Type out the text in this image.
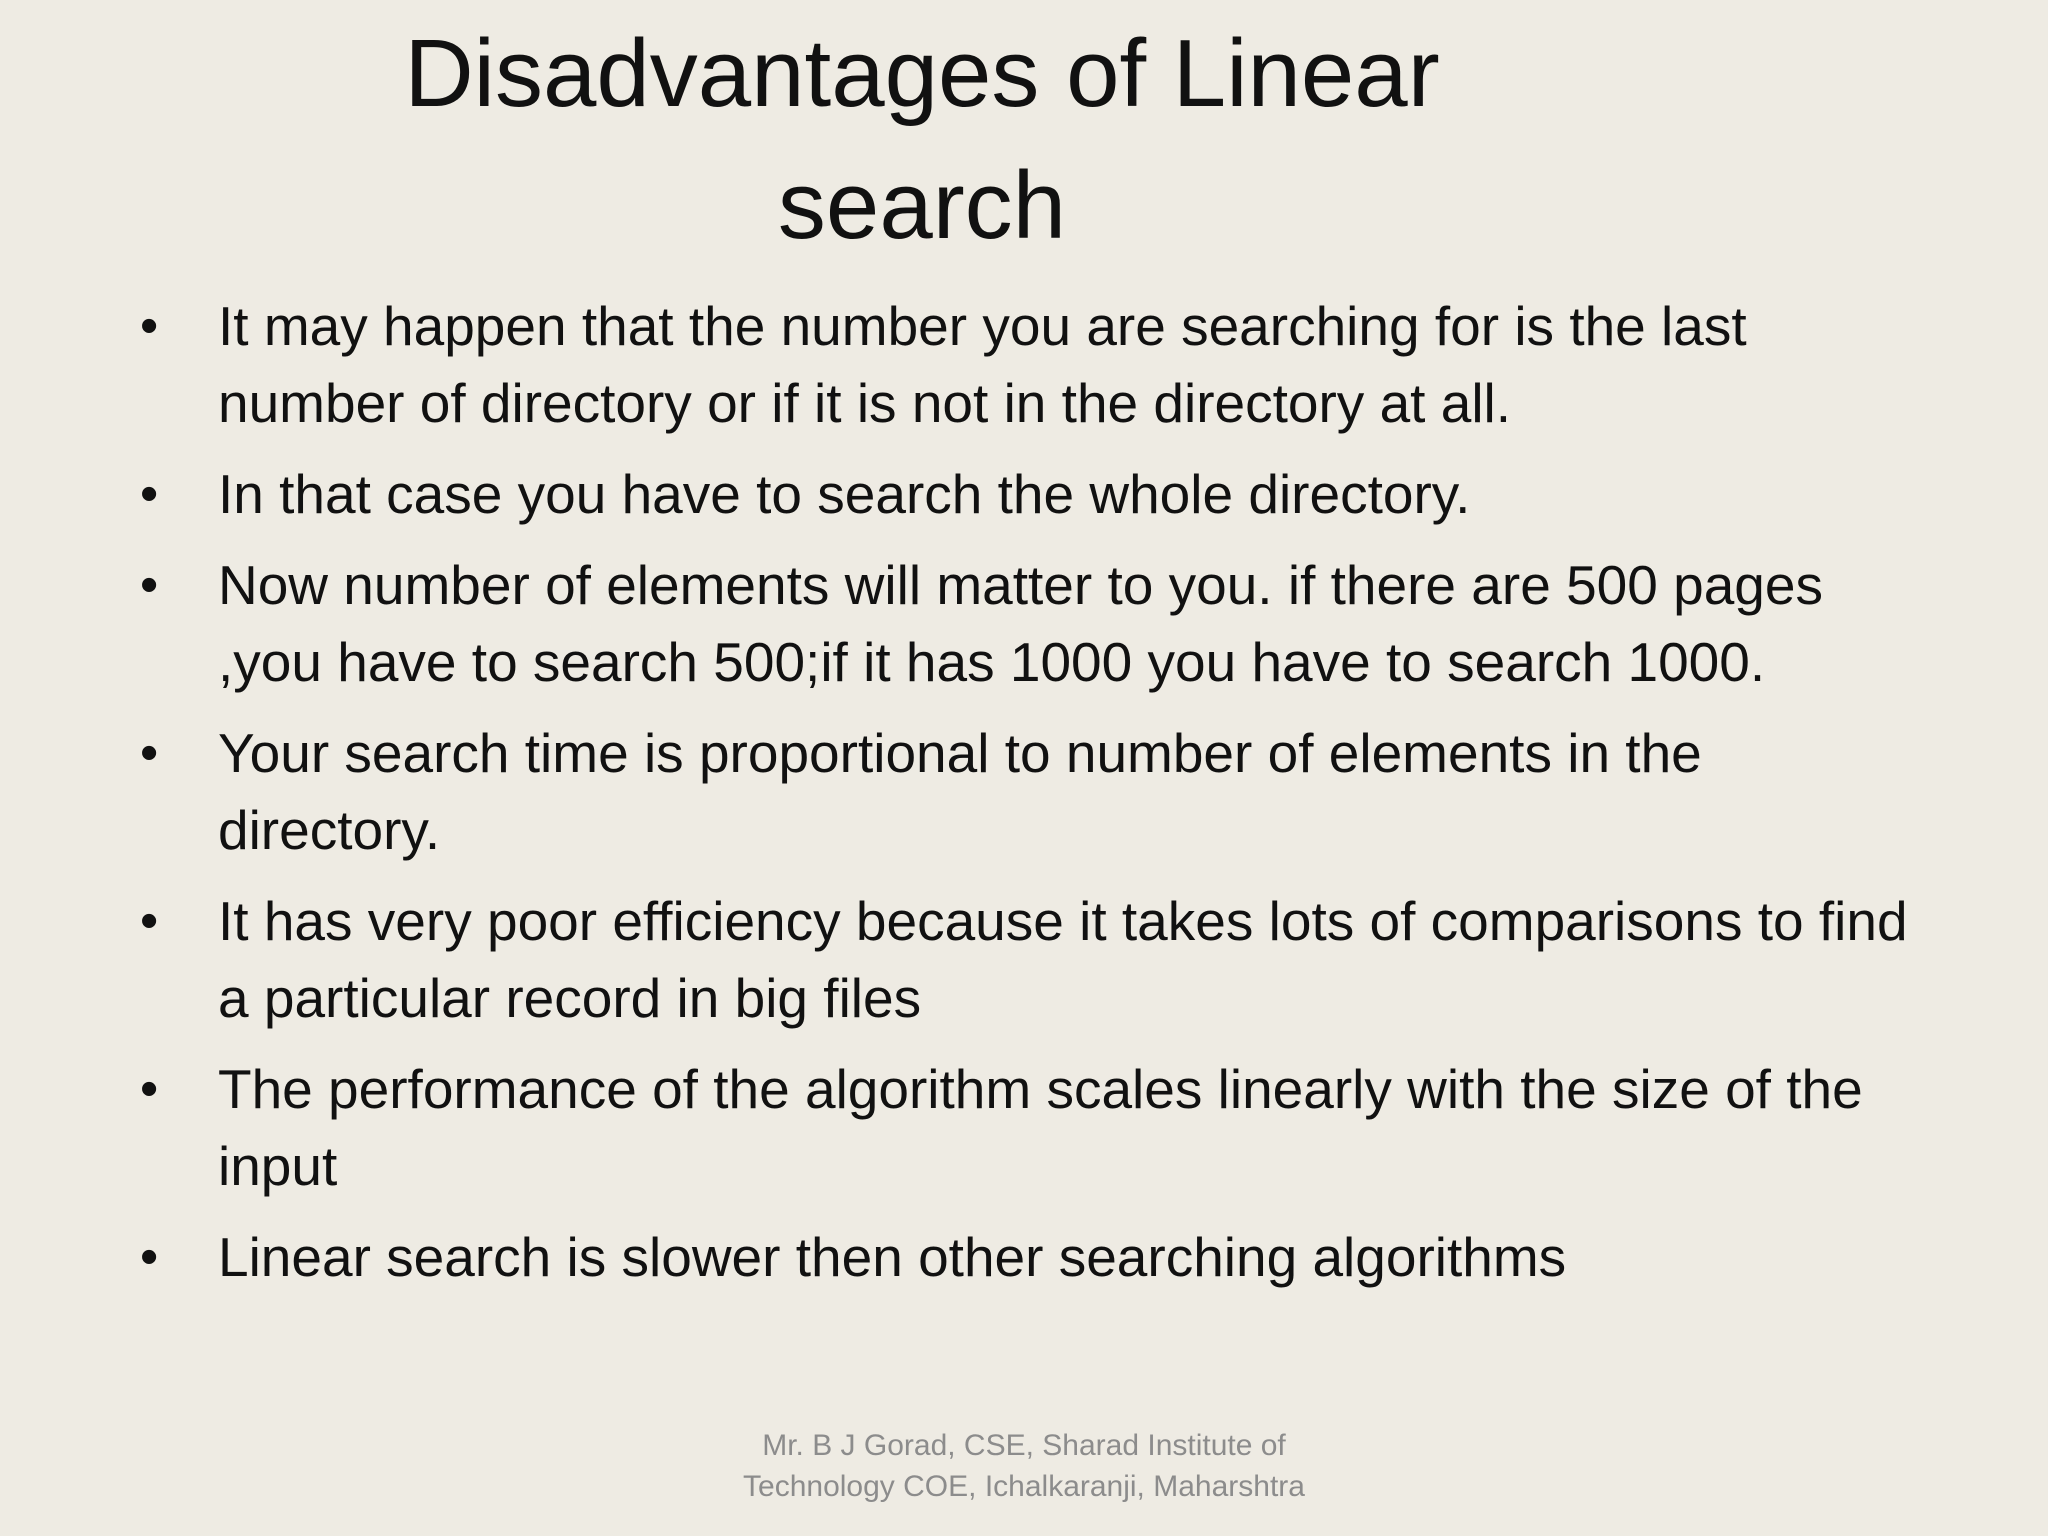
Disadvantages of Linear
search
•	It may happen that the number you are searching for is the last number of directory or if it is not in the directory at all.
•	In that case you have to search the whole directory.
•	Now number of elements will matter to you. if there are 500 pages ,you have to search 500;if it has 1000 you have to search 1000.
•	Your search time is proportional to number of elements in the directory.
•	It has very poor efficiency because it takes lots of comparisons to find a particular record in big files
•	The performance of the algorithm scales linearly with the size of the input
•	Linear search is slower then other searching algorithms
Mr. B J Gorad, CSE, Sharad Institute of
Technology COE, Ichalkaranji, Maharshtra
